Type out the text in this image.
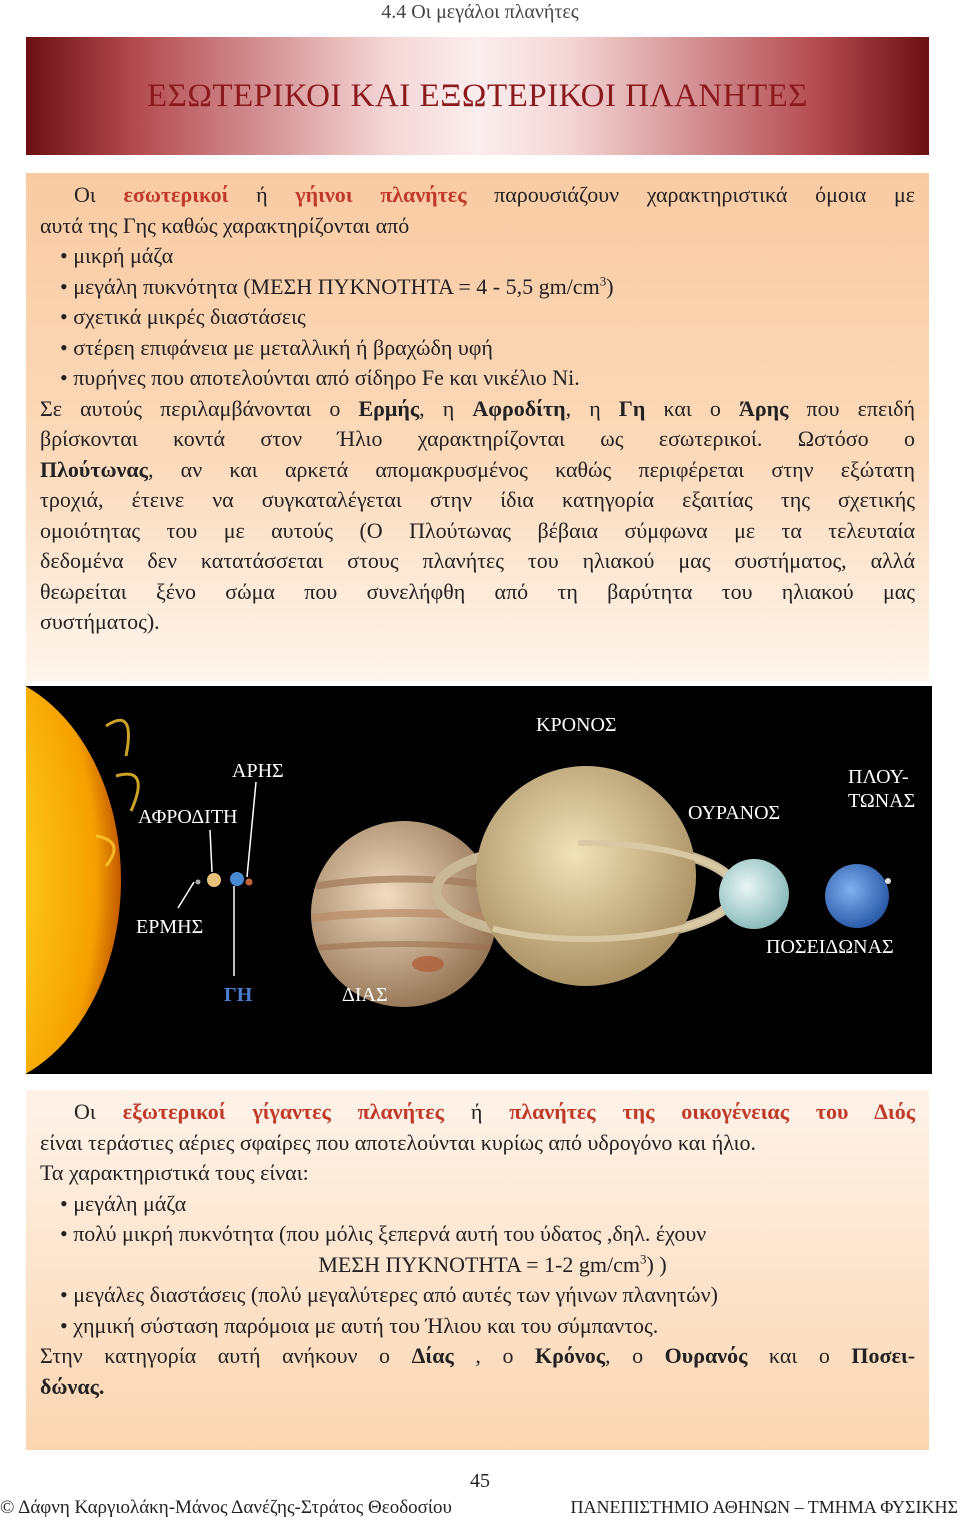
4.4 Οι μεγάλοι πλανήτες
ΕΣΩΤΕΡΙΚΟΙ ΚΑΙ ΕΞΩΤΕΡΙΚΟΙ ΠΛΑΝΗΤΕΣ
Οι εσωτερικοί ή γήινοι πλανήτες παρουσιάζουν χαρακτηριστικά όμοια με
αυτά της Γης καθώς χαρακτηρίζονται από
• μικρή μάζα
• μεγάλη πυκνότητα (ΜΕΣΗ ΠΥΚΝΟΤΗΤΑ = 4 - 5,5 $gm/cm^3$)
• σχετικά μικρές διαστάσεις
• στέρεη επιφάνεια με μεταλλική ή βραχώδη υφή
• πυρήνες που αποτελούνται από σίδηρο Fe και νικέλιο Ni.
Σε αυτούς περιλαμβάνονται ο Ερμής, η Αφροδίτη, η Γη και ο Άρης που επειδή
βρίσκονται κοντά στον Ήλιο χαρακτηρίζονται ως εσωτερικοί. Ωστόσο ο
Πλούτωνας, αν και αρκετά απομακρυσμένος καθώς περιφέρεται στην εξώτατη
τροχιά, έτεινε να συγκαταλέγεται στην ίδια κατηγορία εξαιτίας της σχετικής
ομοιότητας του με αυτούς (Ο Πλούτωνας βέβαια σύμφωνα με τα τελευταία
δεδομένα δεν κατατάσσεται στους πλανήτες του ηλιακού μας συστήματος, αλλά
θεωρείται ξένο σώμα που συνελήφθη από τη βαρύτητα του ηλιακού μας
συστήματος).
ΚΡΟΝΟΣ
ΑΡΗΣ	ΠΛΟΥ-
ΤΩΝΑΣ
ΑΦΡΟΔΙΤΗ	ΟΥΡΑΝΟΣ
ΕΡΜΗΣ
ΠΟΣΕΙΔΩΝΑΣ
ΓΗ	ΔΙΑΣ
Οι εξωτερικοί γίγαντες πλανήτες ή πλανήτες της οικογένειας του Διός
είναι τεράστιες αέριες σφαίρες που αποτελούνται κυρίως από υδρογόνο και ήλιο.
Τα χαρακτηριστικά τους είναι:
• μεγάλη μάζα
• πολύ μικρή πυκνότητα (που μόλις ξεπερνά αυτή του ύδατος ,δηλ. έχουν
ΜΕΣΗ ΠΥΚΝΟΤΗΤΑ = 1-2 $gm/cm^3$) )
• μεγάλες διαστάσεις (πολύ μεγαλύτερες από αυτές των γήινων πλανητών)
• χημική σύσταση παρόμοια με αυτή του Ήλιου και του σύμπαντος.
Στην κατηγορία αυτή ανήκουν ο Δίας , ο Κρόνος, ο Ουρανός και ο Ποσει-
δώνας.
45
© Δάφνη Καργιολάκη-Μάνος Δανέζης-Στράτος Θεοδοσίου	ΠΑΝΕΠΙΣΤΗΜΙΟ ΑΘΗΝΩΝ – ΤΜΗΜΑ ΦΥΣΙΚΗΣ
